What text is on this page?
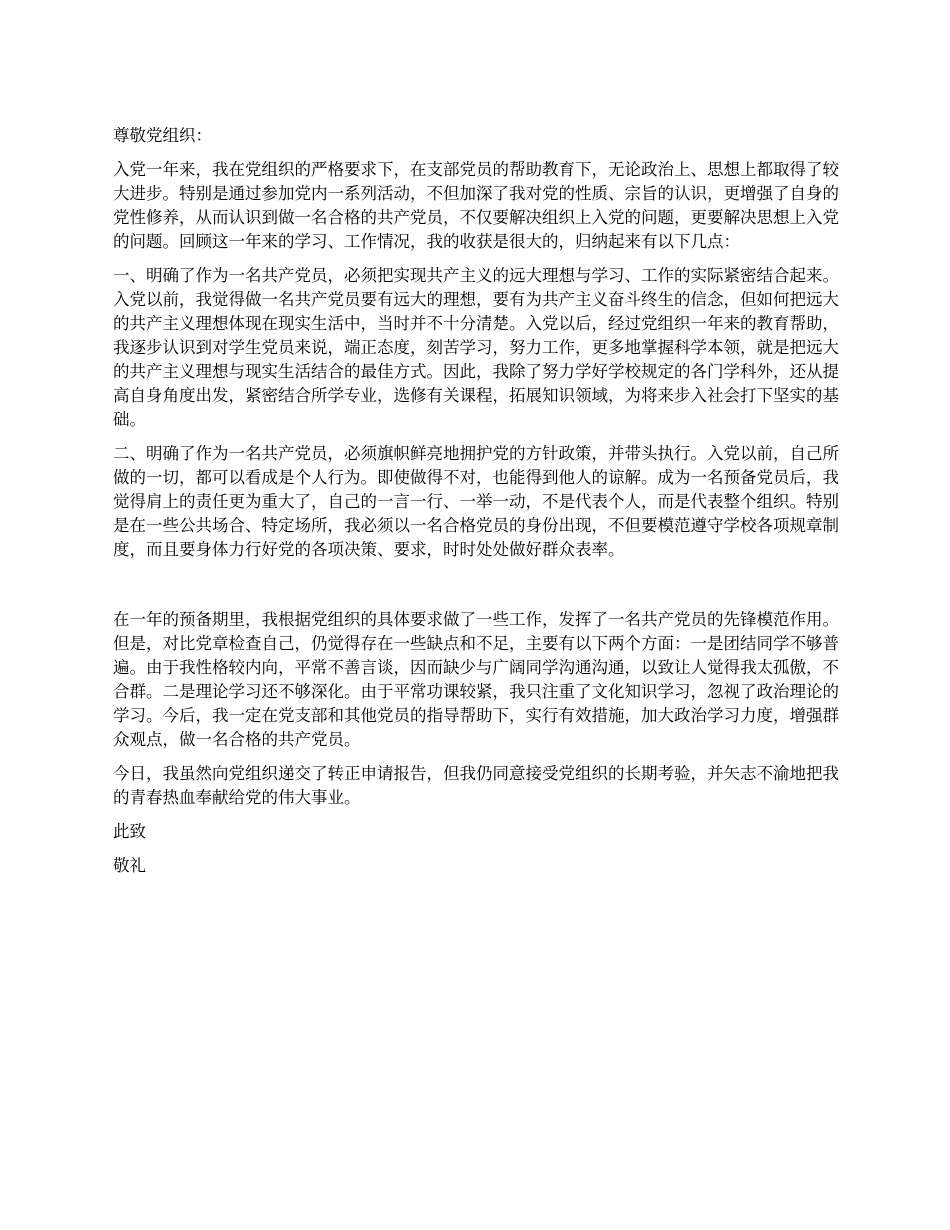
尊敬党组织：

入党一年来，我在党组织的严格要求下，在支部党员的帮助教育下，无论政治上、思想上都取得了较大进步。特别是通过参加党内一系列活动，不但加深了我对党的性质、宗旨的认识，更增强了自身的党性修养，从而认识到做一名合格的共产党员，不仅要解决组织上入党的问题，更要解决思想上入党的问题。回顾这一年来的学习、工作情况，我的收获是很大的，归纳起来有以下几点：

一、明确了作为一名共产党员，必须把实现共产主义的远大理想与学习、工作的实际紧密结合起来。入党以前，我觉得做一名共产党员要有远大的理想，要有为共产主义奋斗终生的信念，但如何把远大的共产主义理想体现在现实生活中，当时并不十分清楚。入党以后，经过党组织一年来的教育帮助，我逐步认识到对学生党员来说，端正态度，刻苦学习，努力工作，更多地掌握科学本领，就是把远大的共产主义理想与现实生活结合的最佳方式。因此，我除了努力学好学校规定的各门学科外，还从提高自身角度出发，紧密结合所学专业，选修有关课程，拓展知识领域，为将来步入社会打下坚实的基础。

二、明确了作为一名共产党员，必须旗帜鲜亮地拥护党的方针政策，并带头执行。入党以前，自己所做的一切，都可以看成是个人行为。即使做得不对，也能得到他人的谅解。成为一名预备党员后，我觉得肩上的责任更为重大了，自己的一言一行、一举一动，不是代表个人，而是代表整个组织。特别是在一些公共场合、特定场所，我必须以一名合格党员的身份出现，不但要模范遵守学校各项规章制度，而且要身体力行好党的各项决策、要求，时时处处做好群众表率。

在一年的预备期里，我根据党组织的具体要求做了一些工作，发挥了一名共产党员的先锋模范作用。但是，对比党章检查自己，仍觉得存在一些缺点和不足，主要有以下两个方面：一是团结同学不够普遍。由于我性格较内向，平常不善言谈，因而缺少与广阔同学沟通沟通，以致让人觉得我太孤傲，不合群。二是理论学习还不够深化。由于平常功课较紧，我只注重了文化知识学习，忽视了政治理论的学习。今后，我一定在党支部和其他党员的指导帮助下，实行有效措施，加大政治学习力度，增强群众观点，做一名合格的共产党员。

今日，我虽然向党组织递交了转正申请报告，但我仍同意接受党组织的长期考验，并矢志不渝地把我的青春热血奉献给党的伟大事业。

此致

敬礼
